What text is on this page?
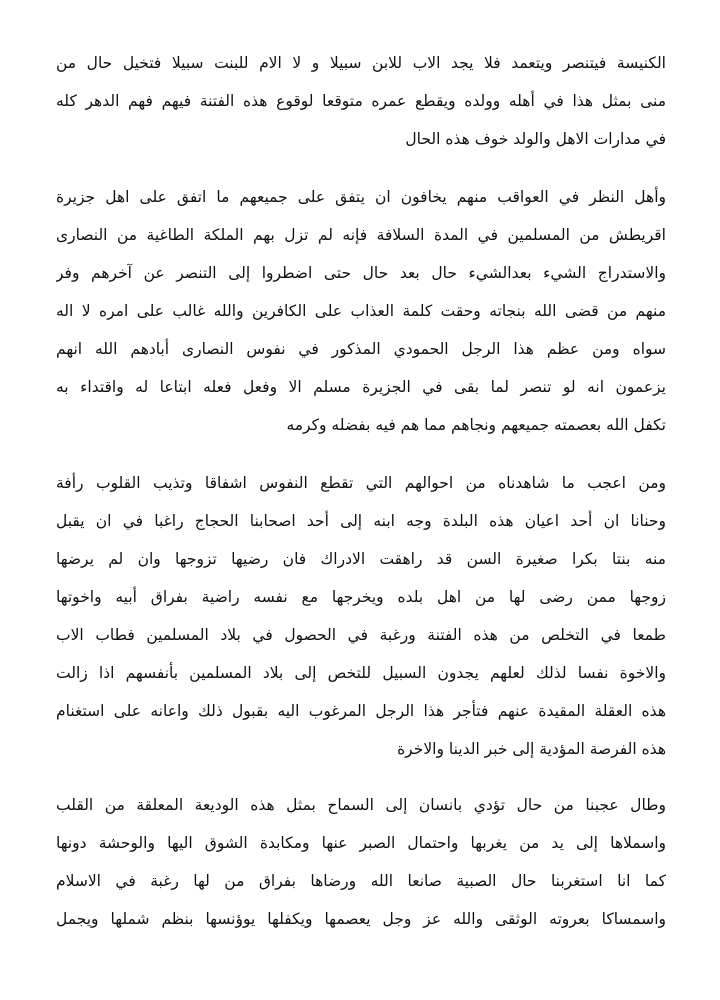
الكنيسة فيتنصر ويتعمد فلا يجد الاب للابن سبيلا و لا الام للبنت سبيلا فتخيل حال من
منى بمثل هذا في أهله وولده ويقطع عمره متوقعا لوقوع هذه الفتنة فيهم فهم الدهر كله
في مدارات الاهل والولد خوف هذه الحال
وأهل النظر في العواقب منهم يخافون ان يتفق على جميعهم ما اتفق على اهل جزيرة
اقريطش من المسلمين في المدة السلافة فإنه لم تزل بهم الملكة الطاغية من النصارى
والاستدراج الشيء بعدالشيء حال بعد حال حتى اضطروا إلى التنصر عن آخرهم وفر
منهم من قضى الله بنجاته وحقت كلمة العذاب على الكافرين والله غالب على امره لا اله
سواه ومن عظم هذا الرجل الحمودي المذكور في نفوس النصارى أبادهم الله انهم
يزعمون انه لو تنصر لما بقى في الجزيرة مسلم الا وفعل فعله ابتاعا له واقتداء به
تكفل الله بعصمته جميعهم ونجاهم مما هم فيه بفضله وكرمه
ومن اعجب ما شاهدناه من احوالهم التي تقطع النفوس اشفاقا وتذيب القلوب رأفة
وحنانا ان أحد اعيان هذه البلدة وجه ابنه إلى أحد اصحابنا الحجاج راغبا في ان يقبل
منه بنتا بكرا صغيرة السن قد راهقت الادراك فان رضيها تزوجها وان لم يرضها
زوجها ممن رضى لها من اهل بلده ويخرجها مع نفسه راضية بفراق أبيه واخوتها
طمعا في التخلص من هذه الفتنة ورغبة في الحصول في بلاد المسلمين فطاب الاب
والاخوة نفسا لذلك لعلهم يجدون السبيل للتخص إلى بلاد المسلمين بأنفسهم اذا زالت
هذه العقلة المقيدة عنهم فتأجر هذا الرجل المرغوب اليه بقبول ذلك واعانه على استغنام
هذه الفرصة المؤدية إلى خبر الدينا والاخرة
وطال عجبنا من حال تؤدي بانسان إلى السماح بمثل هذه الوديعة المعلقة من القلب
واسملاها إلى يد من يغربها واحتمال الصبر عنها ومكابدة الشوق اليها والوحشة دونها
كما انا استغربنا حال الصبية صانعا الله ورضاها بفراق من لها رغبة في الاسلام
واسمساكا بعروته الوثقى والله عز وجل يعصمها ويكفلها يوؤنسها بنظم شملها ويجمل
